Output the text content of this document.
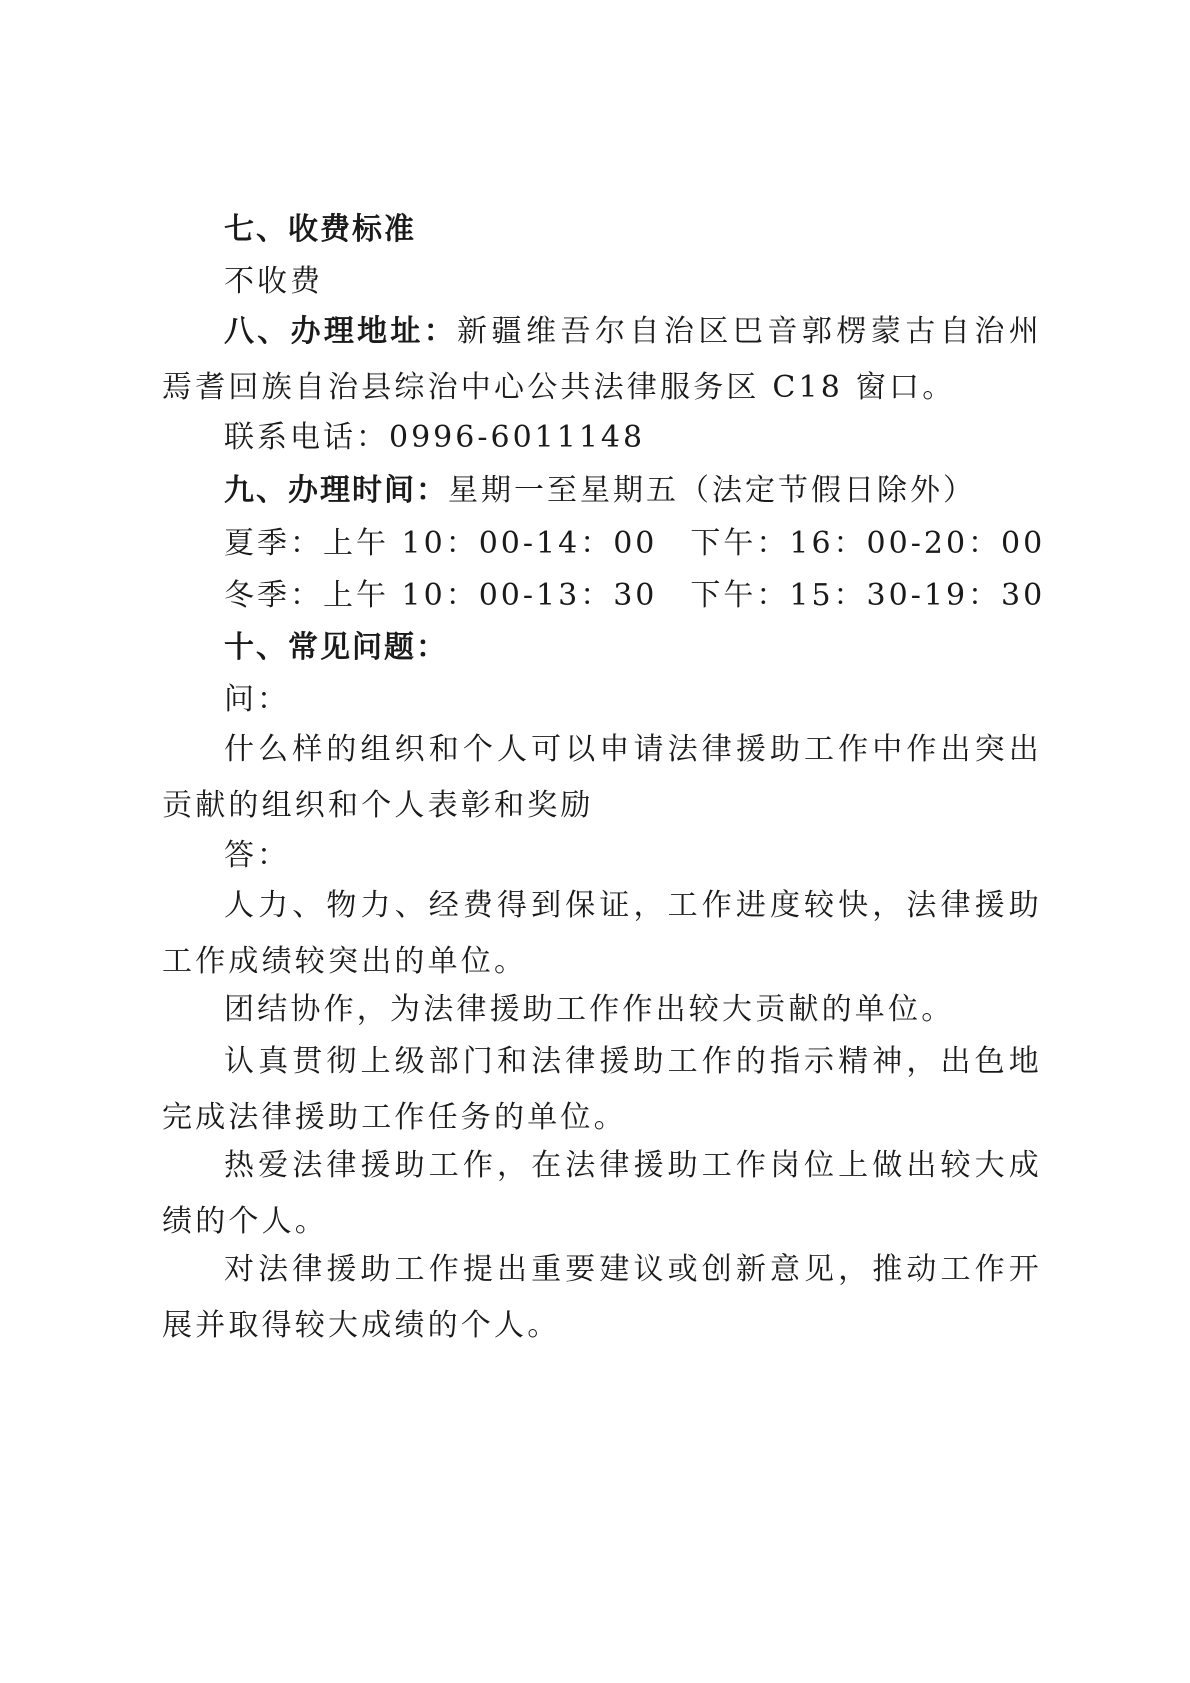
七、收费标准
不收费
八、办理地址：新疆维吾尔自治区巴音郭楞蒙古自治州焉耆回族自治县综治中心公共法律服务区 C18 窗口。
联系电话：0996-6011148
九、办理时间：星期一至星期五（法定节假日除外）
夏季：上午 10：00-14：00　下午：16：00-20：00
冬季：上午 10：00-13：30　下午：15：30-19：30
十、常见问题：
问：
什么样的组织和个人可以申请法律援助工作中作出突出贡献的组织和个人表彰和奖励
答：
人力、物力、经费得到保证，工作进度较快，法律援助工作成绩较突出的单位。
团结协作，为法律援助工作作出较大贡献的单位。
认真贯彻上级部门和法律援助工作的指示精神，出色地完成法律援助工作任务的单位。
热爱法律援助工作，在法律援助工作岗位上做出较大成绩的个人。
对法律援助工作提出重要建议或创新意见，推动工作开展并取得较大成绩的个人。
